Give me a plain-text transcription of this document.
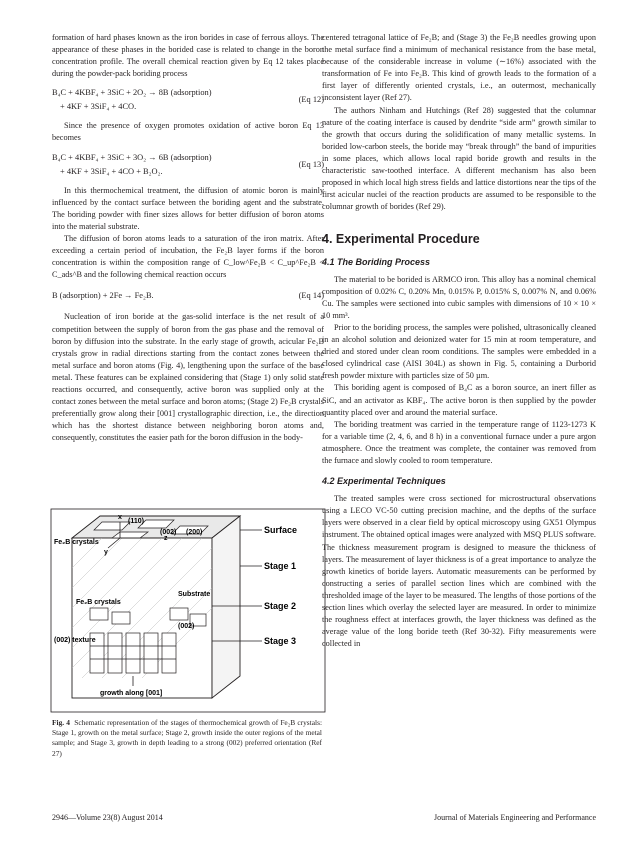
formation of hard phases known as the iron borides in case of ferrous alloys. The appearance of these phases in the borided case is related to change in the boron concentration profile. The overall chemical reaction given by Eq 12 takes place during the powder-pack boriding process

B₄C + 4KBF₄ + 3SiC + 2O₂ → 8B (adsorption)
+ 4KF + 3SiF₄ + 4CO.
(Eq 12)

Since the presence of oxygen promotes oxidation of active boron Eq 13 becomes

B₄C + 4KBF₄ + 3SiC + 3O₂ → 6B (adsorption)
+ 4KF + 3SiF₄ + 4CO + B₂O₂.
(Eq 13)

In this thermochemical treatment, the diffusion of atomic boron is mainly influenced by the contact surface between the boriding agent and the substrate. The boriding powder with finer sizes allows for better diffusion of boron atoms into the material substrate.

The diffusion of boron atoms leads to a saturation of the iron matrix. After exceeding a certain period of incubation, the Fe₂B layer forms if the boron concentration is within the composition range of C_low^Fe₂B < C_up^Fe₂B < C_ads^B and the following chemical reaction occurs

B (adsorption) + 2Fe → Fe₂B.	(Eq 14)

Nucleation of iron boride at the gas-solid interface is the net result of a competition between the supply of boron from the gas phase and the removal of boron by diffusion into the substrate. In the early stage of growth, acicular Fe₂B crystals grow in radial directions starting from the contact zones between the metal surface and boron atoms (Fig. 4), lengthening upon the surface of the base metal. These features can be explained considering that (Stage 1) only solid state reactions occurred, and consequently, active boron was supplied only at the contact zones between the metal surface and boron atoms; (Stage 2) Fe₂B crystals preferentially grow along their [001] crystallographic direction, i.e., the direction which has the shortest distance between neighboring boron atoms and, consequently, constitutes the easier path for the boron diffusion in the body-

x
(110)
(002) (200)
z
y
Fe₂B crystals
Surface
Stage 1
Substrate
Stage 2
Fe₂B crystals
(002)
Stage 3
(002) texture
growth along [001]
Fig. 4 Schematic representation of the stages of thermochemical growth of Fe₂B crystals: Stage 1, growth on the metal surface; Stage 2, growth inside the outer regions of the metal sample; and Stage 3, growth in depth leading to a strong (002) preferred orientation (Ref 27)

centered tetragonal lattice of Fe₂B; and (Stage 3) the Fe₂B needles growing upon the metal surface find a minimum of mechanical resistance from the base metal, because of the considerable increase in volume (∼16%) associated with the transformation of Fe into Fe₂B. This kind of growth leads to the formation of a first layer of differently oriented crystals, i.e., an outermost, mechanically inconsistent layer (Ref 27).

The authors Ninham and Hutchings (Ref 28) suggested that the columnar nature of the coating interface is caused by dendrite “side arm” growth similar to the growth that occurs during the solidification of many metallic systems. In borided low-carbon steels, the boride may “break through” the band of impurities in some places, which allows local rapid boride growth and results in the characteristic saw-toothed interface. A different mechanism has also been proposed in which local high stress fields and lattice distortions near the tips of the first acicular nuclei of the reaction products are assumed to be responsible to the columnar growth of borides (Ref 29).

4. Experimental Procedure
4.1 The Boriding Process

The material to be borided is ARMCO iron. This alloy has a nominal chemical composition of 0.02% C, 0.20% Mn, 0.015% P, 0.015% S, 0.007% N, and 0.06% Cu. The samples were sectioned into cubic samples with dimensions of 10 × 10 × 10 mm³.

Prior to the boriding process, the samples were polished, ultrasonically cleaned in an alcohol solution and deionized water for 15 min at room temperature, and dried and stored under clean room conditions. The samples were embedded in a closed cylindrical case (AISI 304L) as shown in Fig. 5, containing a Durborid fresh powder mixture with particles size of 50 µm.

This boriding agent is composed of B₄C as a boron source, an inert filler as SiC, and an activator as KBF₄. The active boron is then supplied by the powder quantity placed over and around the material surface.

The boriding treatment was carried in the temperature range of 1123-1273 K for a variable time (2, 4, 6, and 8 h) in a conventional furnace under a pure argon atmosphere. Once the treatment was complete, the container was removed from the furnace and slowly cooled to room temperature.

4.2 Experimental Techniques

The treated samples were cross sectioned for microstructural observations using a LECO VC-50 cutting precision machine, and the depths of the surface layers were observed in a clear field by optical microscopy using GX51 Olympus instrument. The obtained optical images were analyzed with MSQ PLUS software. The thickness measurement program is designed to measure the thickness of layers. The measurement of layer thickness is of a great importance to analyze the growth kinetics of boride layers. Automatic measurements can be performed by constructing a series of parallel section lines which are combined with the thresholded image of the layer to be measured. The lengths of those portions of the section lines which overlay the selected layer are measured. In order to minimize the roughness effect at interfaces growth, the layer thickness was defined as the average value of the long boride teeth (Ref 30-32). Fifty measurements were collected in

2946—Volume 23(8) August 2014	Journal of Materials Engineering and Performance
